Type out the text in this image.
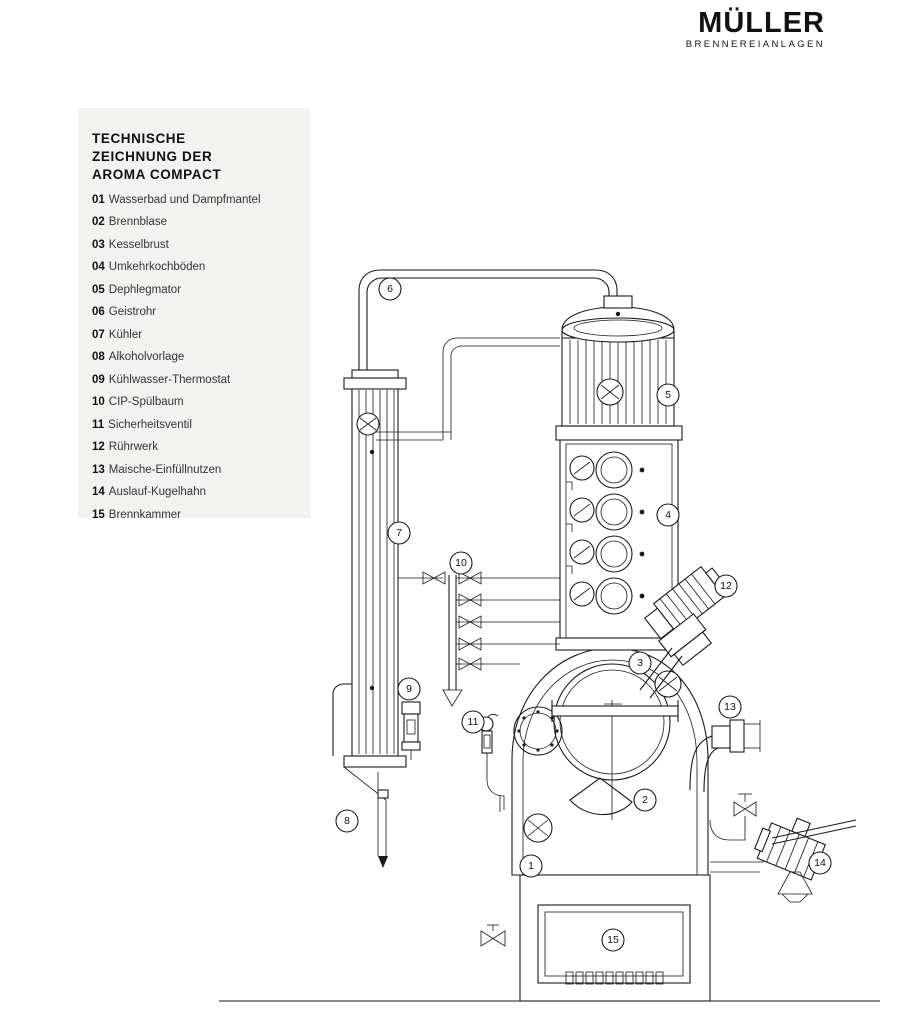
MÜLLER
BRENNEREIANLAGEN
TECHNISCHE
ZEICHNUNG DER
AROMA COMPACT
01 Wasserbad und Dampfmantel
02 Brennblase
03 Kesselbrust
04 Umkehrkochböden
05 Dephlegmator
06 Geistrohr
07 Kühler
08 Alkoholvorlage
09 Kühlwasser-Thermostat
10 CIP-Spülbaum
11 Sicherheitsventil
12 Rührwerk
13 Maische-Einfüllnutzen
14 Auslauf-Kugelhahn
15 Brennkammer
1
2
3
4
5
6
7
8
9
10
11
12
13
14
15
